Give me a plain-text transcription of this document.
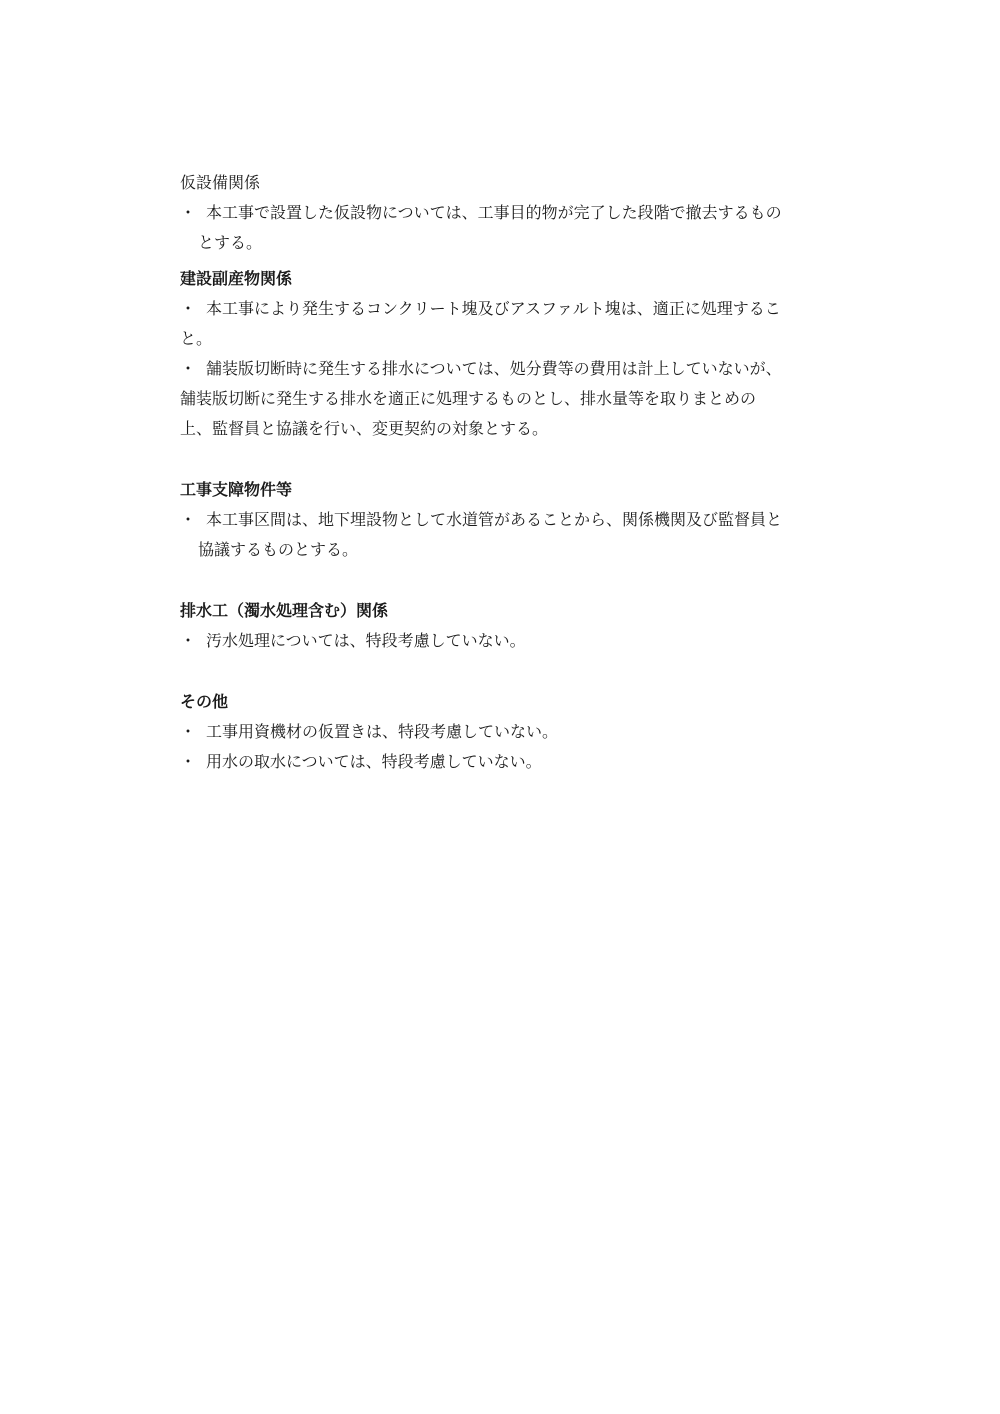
仮設備関係

・ 本工事で設置した仮設物については、工事目的物が完了した段階で撤去するもの

とする。

建設副産物関係

・ 本工事により発生するコンクリート塊及びアスファルト塊は、適正に処理するこ

と。

・ 舗装版切断時に発生する排水については、処分費等の費用は計上していないが、

舗装版切断に発生する排水を適正に処理するものとし、排水量等を取りまとめの

上、監督員と協議を行い、変更契約の対象とする。

工事支障物件等

・ 本工事区間は、地下埋設物として水道管があることから、関係機関及び監督員と

協議するものとする。

排水工（濁水処理含む）関係

・ 汚水処理については、特段考慮していない。

その他

・ 工事用資機材の仮置きは、特段考慮していない。

・ 用水の取水については、特段考慮していない。
